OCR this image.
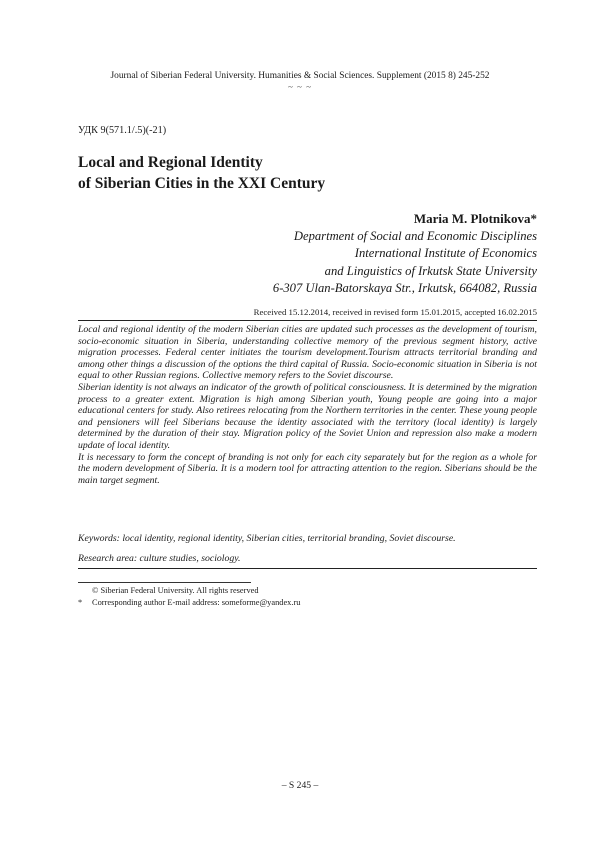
Journal of Siberian Federal University. Humanities & Social Sciences. Supplement (2015 8) 245-252
~ ~ ~
УДК 9(571.1/.5)(-21)
Local and Regional Identity
of Siberian Cities in the XXI Century
Maria M. Plotnikova*
Department of Social and Economic Disciplines
International Institute of Economics
and Linguistics of Irkutsk State University
6-307 Ulan-Batorskaya Str., Irkutsk, 664082, Russia
Received 15.12.2014, received in revised form 15.01.2015, accepted 16.02.2015

Local and regional identity of the modern Siberian cities are updated such processes as the development of tourism, socio-economic situation in Siberia, understanding collective memory of the previous segment history, active migration processes. Federal center initiates the tourism development.Tourism attracts territorial branding and among other things a discussion of the options the third capital of Russia. Socio-economic situation in Siberia is not equal to other Russian regions. Collective memory refers to the Soviet discourse.

Siberian identity is not always an indicator of the growth of political consciousness. It is determined by the migration process to a greater extent. Migration is high among Siberian youth, Young people are going into a major educational centers for study. Also retirees relocating from the Northern territories in the center. These young people and pensioners will feel Siberians because the identity associated with the territory (local identity) is largely determined by the duration of their stay. Migration policy of the Soviet Union and repression also make a modern update of local identity.

It is necessary to form the concept of branding is not only for each city separately but for the region as a whole for the modern development of Siberia. It is a modern tool for attracting attention to the region. Siberians should be the main target segment.

Keywords: local identity, regional identity, Siberian cities, territorial branding, Soviet discourse.
Research area: culture studies, sociology.
© Siberian Federal University. All rights reserved
* Corresponding author E-mail address: someforme@yandex.ru
– S 245 –
